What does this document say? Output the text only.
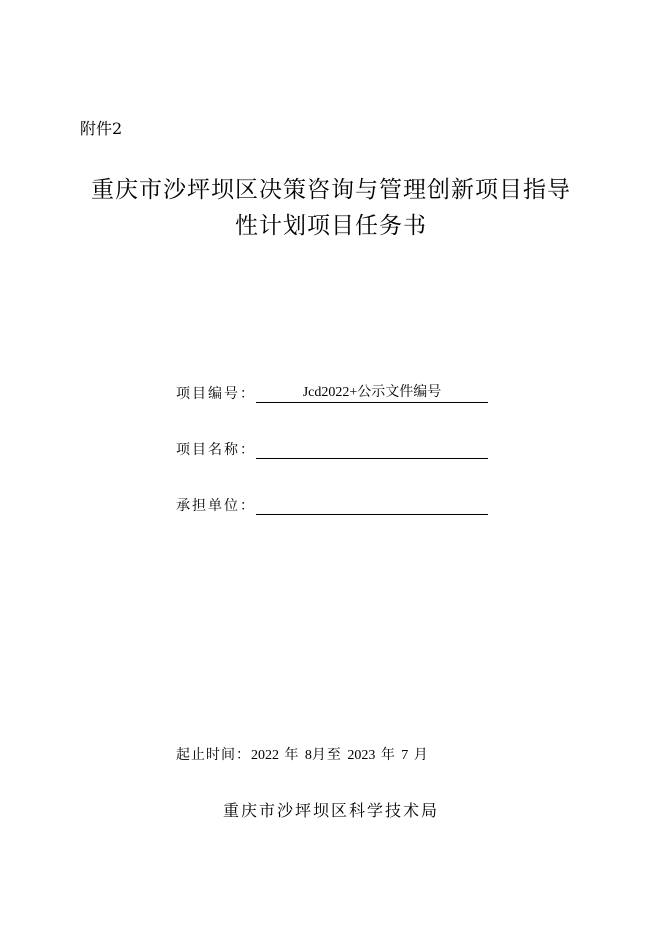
附件2
重庆市沙坪坝区决策咨询与管理创新项目指导
性计划项目任务书
项目编号：	Jcd2022+公示文件编号
项目名称：
承担单位：
起止时间：2022 年 8月至 2023 年 7 月
重庆市沙坪坝区科学技术局
